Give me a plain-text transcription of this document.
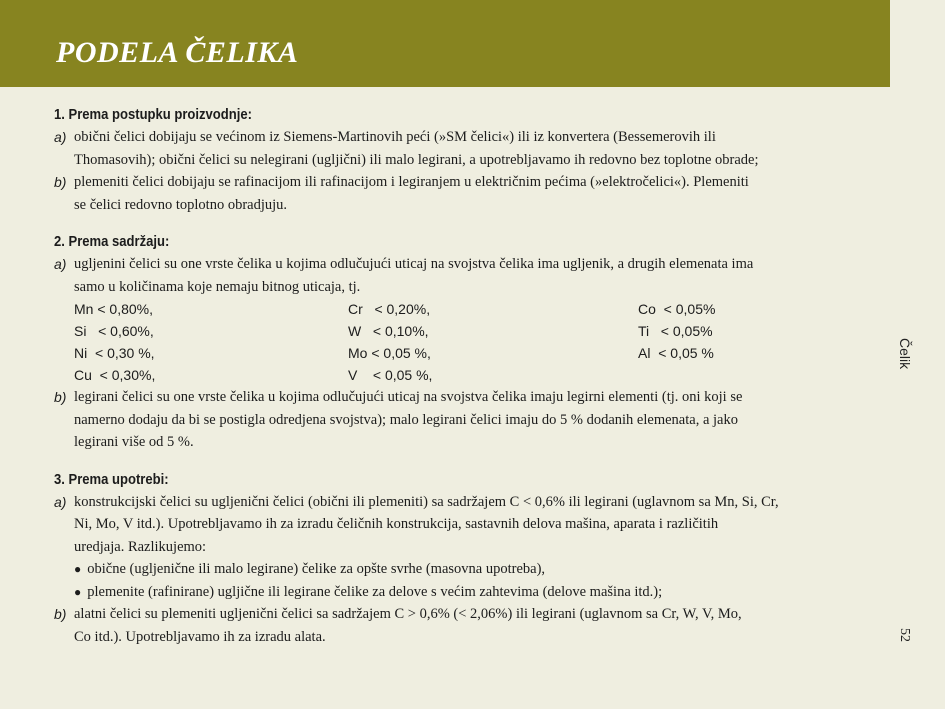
PODELA ČELIKA
Čelik
52
1. Prema postupku proizvodnje:
a) obični čelici dobijaju se većinom iz Siemens-Martinovih peći (»SM čelici«) ili iz konvertera (Bessemerovih ili
Thomasovih); obični čelici su nelegirani (ugljični) ili malo legirani, a upotrebljavamo ih redovno bez toplotne obrade;
b) plemeniti čelici dobijaju se rafinacijom ili rafinacijom i legiranjem u električnim pećima (»elektročelici«). Plemeniti
se čelici redovno toplotno obradjuju.
2. Prema sadržaju:
a) ugljenini čelici su one vrste čelika u kojima odlučujući uticaj na svojstva čelika ima ugljenik, a drugih elemenata ima
samo u količinama koje nemaju bitnog uticaja, tj.
Mn < 0,80%,	Cr   < 0,20%,	Co  < 0,05%
Si   < 0,60%,	W   < 0,10%,	Ti   < 0,05%
Ni  < 0,30 %,	Mo < 0,05 %,	Al  < 0,05 %
Cu  < 0,30%,	V    < 0,05 %,
b) legirani čelici su one vrste čelika u kojima odlučujući uticaj na svojstva čelika imaju legirni elementi (tj. oni koji se
namerno dodaju da bi se postigla odredjena svojstva); malo legirani čelici imaju do 5 % dodanih elemenata, a jako
legirani više od 5 %.
3. Prema upotrebi:
a) konstrukcijski čelici su ugljenični čelici (obični ili plemeniti) sa sadržajem C < 0,6% ili legirani (uglavnom sa Mn, Si, Cr,
Ni, Mo, V itd.). Upotrebljavamo ih za izradu čeličnih konstrukcija, sastavnih delova mašina, aparata i različitih
uredjaja. Razlikujemo:
● obične (ugljenične ili malo legirane) čelike za opšte svrhe (masovna upotreba),
● plemenite (rafinirane) ugljične ili legirane čelike za delove s većim zahtevima (delove mašina itd.);
b) alatni čelici su plemeniti ugljenični čelici sa sadržajem C > 0,6% (< 2,06%) ili legirani (uglavnom sa Cr, W, V, Mo,
Co itd.). Upotrebljavamo ih za izradu alata.
